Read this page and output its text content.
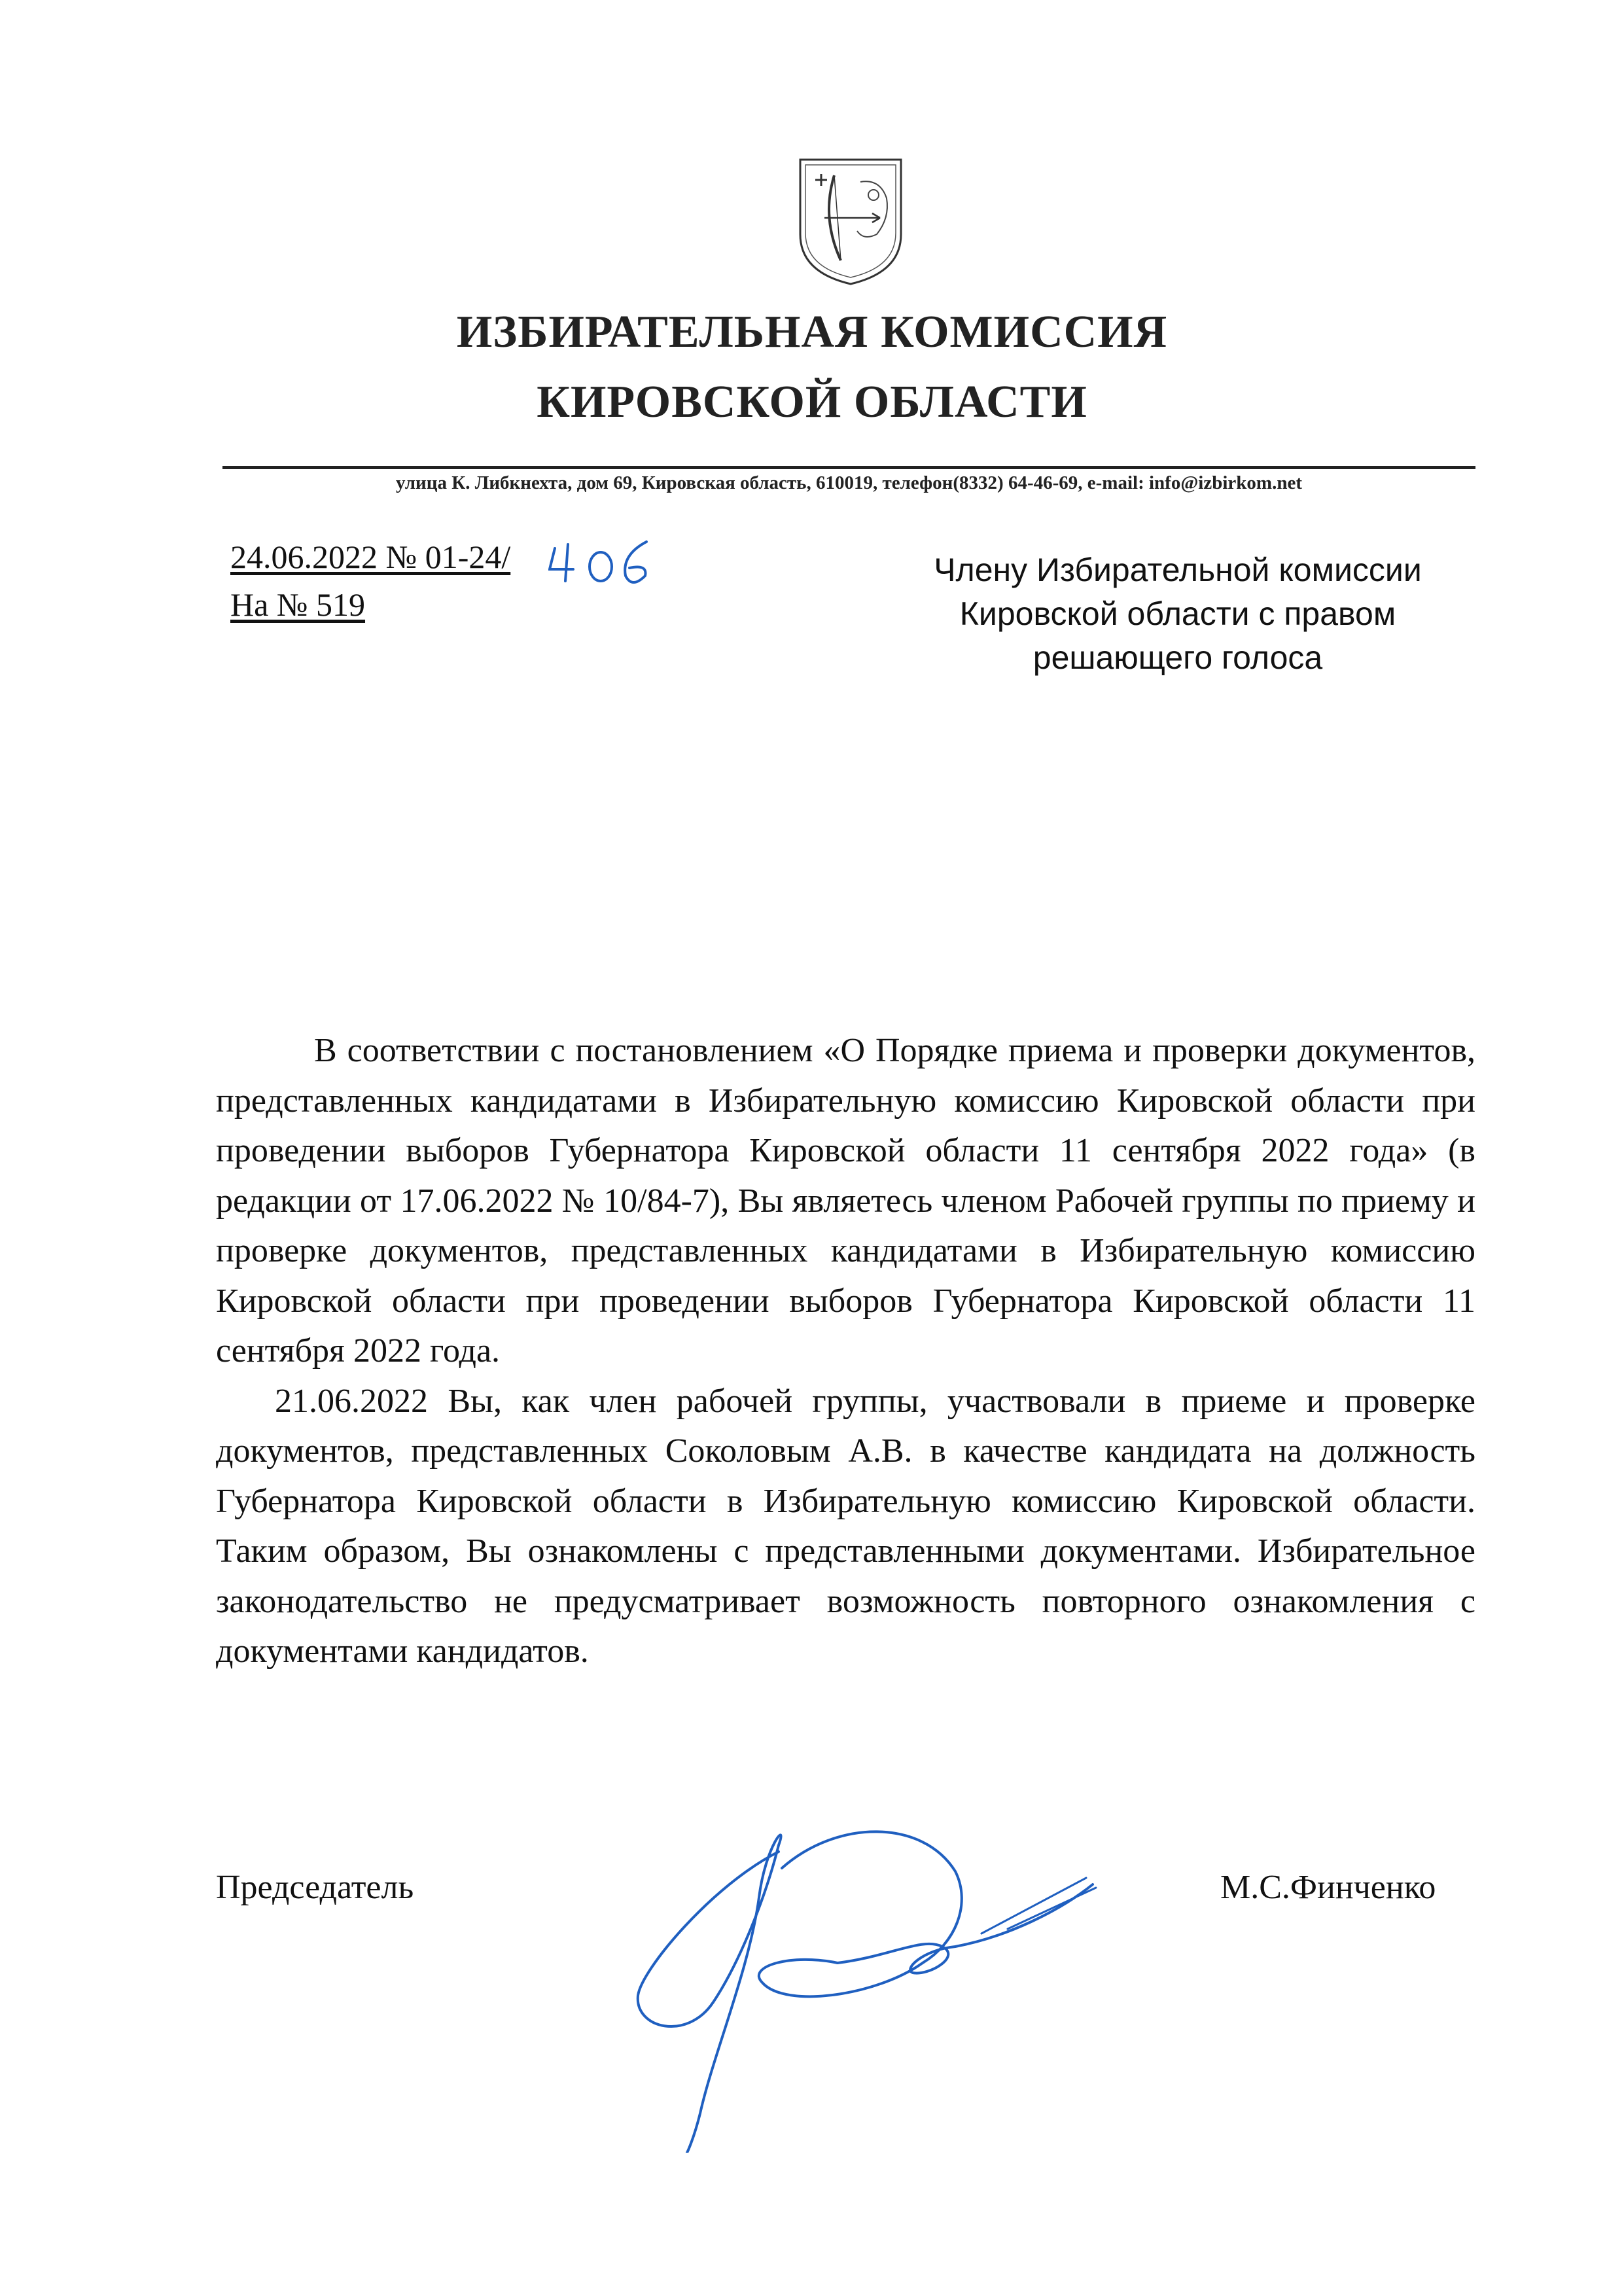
ИЗБИРАТЕЛЬНАЯ КОМИССИЯ
КИРОВСКОЙ ОБЛАСТИ
улица К. Либкнехта, дом 69, Кировская область, 610019, телефон(8332) 64-46-69, e-mail: info@izbirkom.net
24.06.2022 № 01-24/
На № 519
Члену Избирательной комиссии
Кировской области с правом
решающего голоса

В соответствии с постановлением «О Порядке приема и проверки документов, представленных кандидатами в Избирательную комиссию Кировской области при проведении выборов Губернатора Кировской области 11 сентября 2022 года» (в редакции от 17.06.2022 № 10/84-7), Вы являетесь членом Рабочей группы по приему и проверке документов, представленных кандидатами в Избирательную комиссию Кировской области при проведении выборов Губернатора Кировской области 11 сентября 2022 года.

21.06.2022 Вы, как член рабочей группы, участвовали в приеме и проверке документов, представленных Соколовым А.В. в качестве кандидата на должность Губернатора Кировской области в Избирательную комиссию Кировской области. Таким образом, Вы ознакомлены с представленными документами. Избирательное законодательство не предусматривает возможность повторного ознакомления с документами кандидатов.

Председатель	М.С.Финченко
